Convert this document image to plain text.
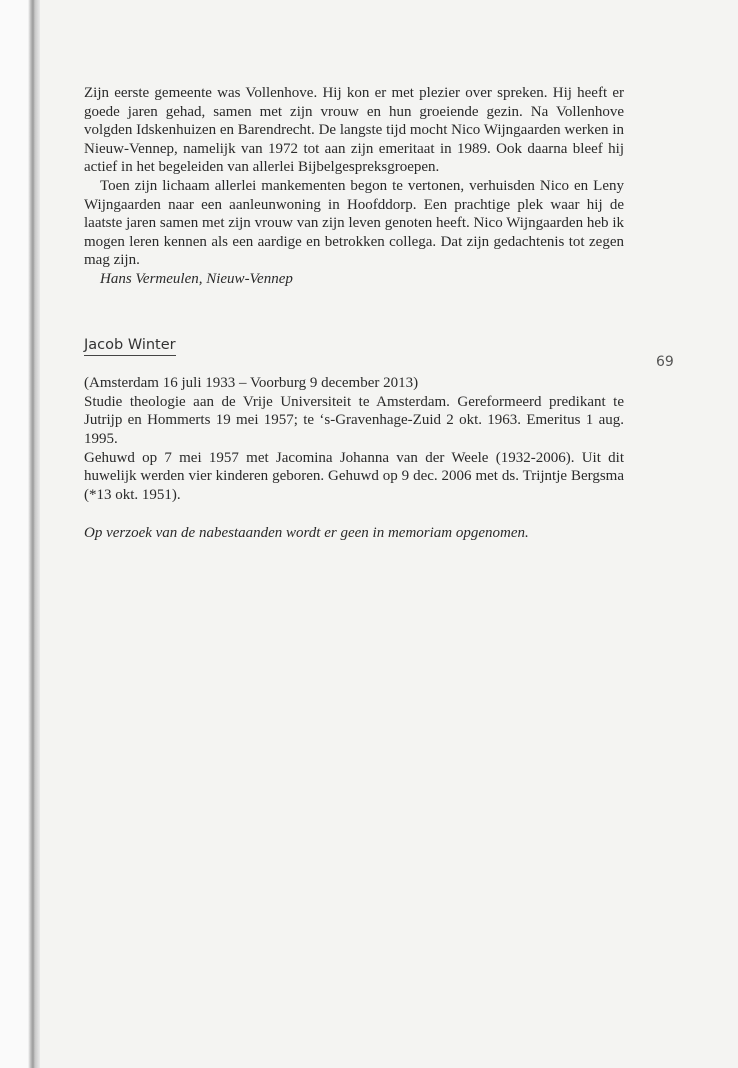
69

Zijn eerste gemeente was Vollenhove. Hij kon er met plezier over spreken. Hij heeft er goede jaren gehad, samen met zijn vrouw en hun groeiende gezin. Na Vollenhove volgden Idskenhuizen en Barendrecht. De langste tijd mocht Nico Wijngaarden werken in Nieuw-Vennep, namelijk van 1972 tot aan zijn emeritaat in 1989. Ook daarna bleef hij actief in het begeleiden van allerlei Bijbelgespreksgroepen.

Toen zijn lichaam allerlei mankementen begon te vertonen, verhuisden Nico en Leny Wijngaarden naar een aanleunwoning in Hoofddorp. Een prachtige plek waar hij de laatste jaren samen met zijn vrouw van zijn leven genoten heeft. Nico Wijngaarden heb ik mogen leren kennen als een aardige en betrokken collega. Dat zijn gedachtenis tot zegen mag zijn.

Hans Vermeulen, Nieuw-Vennep

Jacob Winter

(Amsterdam 16 juli 1933 – Voorburg 9 december 2013)

Studie theologie aan de Vrije Universiteit te Amsterdam. Gereformeerd predikant te Jutrijp en Hommerts 19 mei 1957; te ‘s-Gravenhage-Zuid 2 okt. 1963. Emeritus 1 aug. 1995.

Gehuwd op 7 mei 1957 met Jacomina Johanna van der Weele (1932-2006). Uit dit huwelijk werden vier kinderen geboren. Gehuwd op 9 dec. 2006 met ds. Trijntje Bergsma (*13 okt. 1951).

Op verzoek van de nabestaanden wordt er geen in memoriam opgenomen.
